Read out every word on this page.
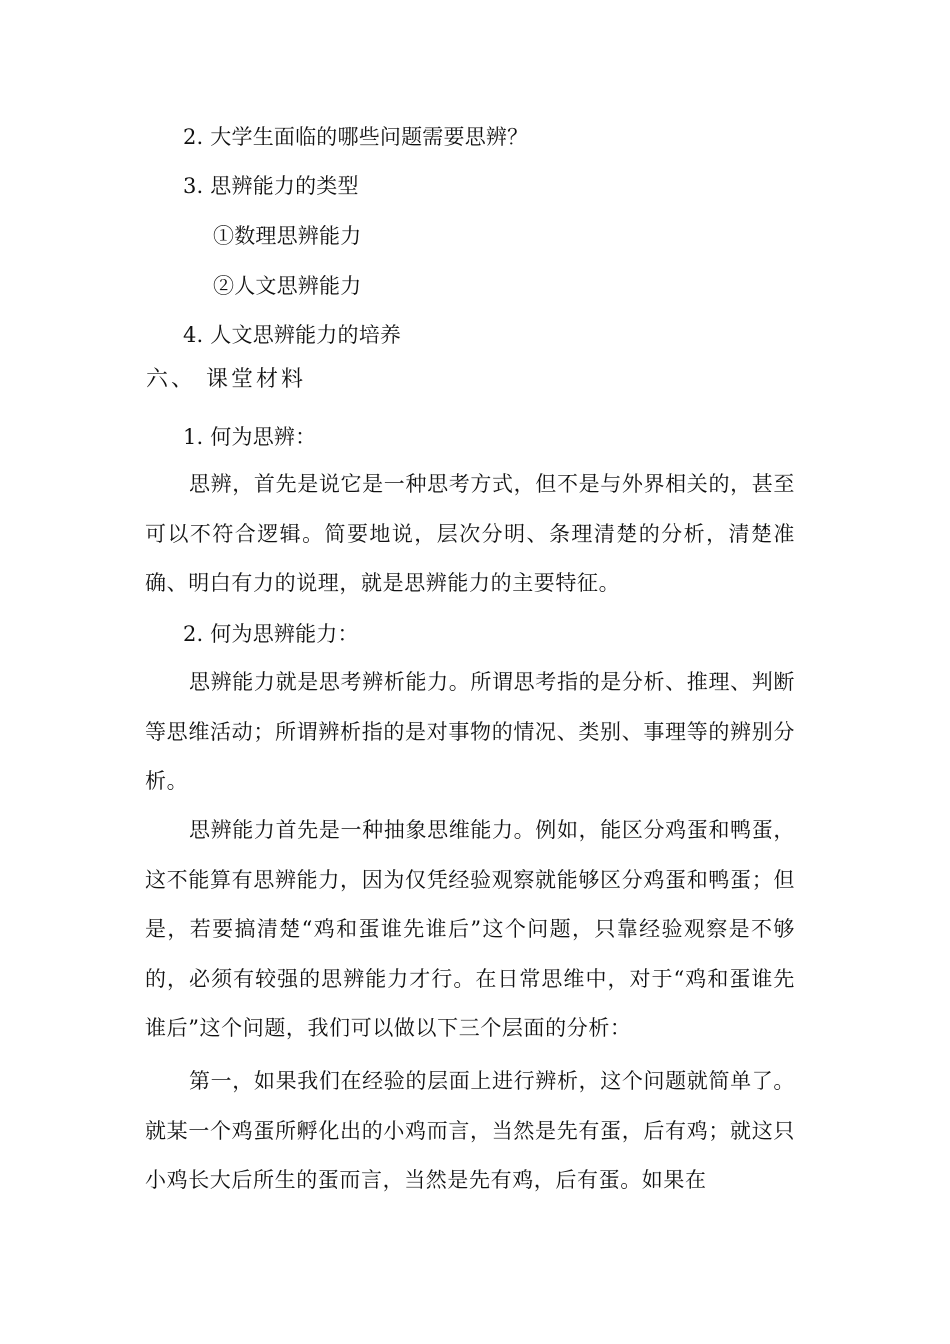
2. 大学生面临的哪些问题需要思辨？

3. 思辨能力的类型

①数理思辨能力

②人文思辨能力

4. 人文思辨能力的培养

六、 课堂材料

1. 何为思辨：

思辨，首先是说它是一种思考方式，但不是与外界相关的，甚至可以不符合逻辑。简要地说，层次分明、条理清楚的分析，清楚准确、明白有力的说理，就是思辨能力的主要特征。

2. 何为思辨能力：

思辨能力就是思考辨析能力。所谓思考指的是分析、推理、判断等思维活动；所谓辨析指的是对事物的情况、类别、事理等的辨别分析。

思辨能力首先是一种抽象思维能力。例如，能区分鸡蛋和鸭蛋，这不能算有思辨能力，因为仅凭经验观察就能够区分鸡蛋和鸭蛋；但是，若要搞清楚“鸡和蛋谁先谁后”这个问题，只靠经验观察是不够的，必须有较强的思辨能力才行。在日常思维中，对于“鸡和蛋谁先谁后”这个问题，我们可以做以下三个层面的分析：

第一，如果我们在经验的层面上进行辨析，这个问题就简单了。就某一个鸡蛋所孵化出的小鸡而言，当然是先有蛋，后有鸡；就这只小鸡长大后所生的蛋而言，当然是先有鸡，后有蛋。如果在
